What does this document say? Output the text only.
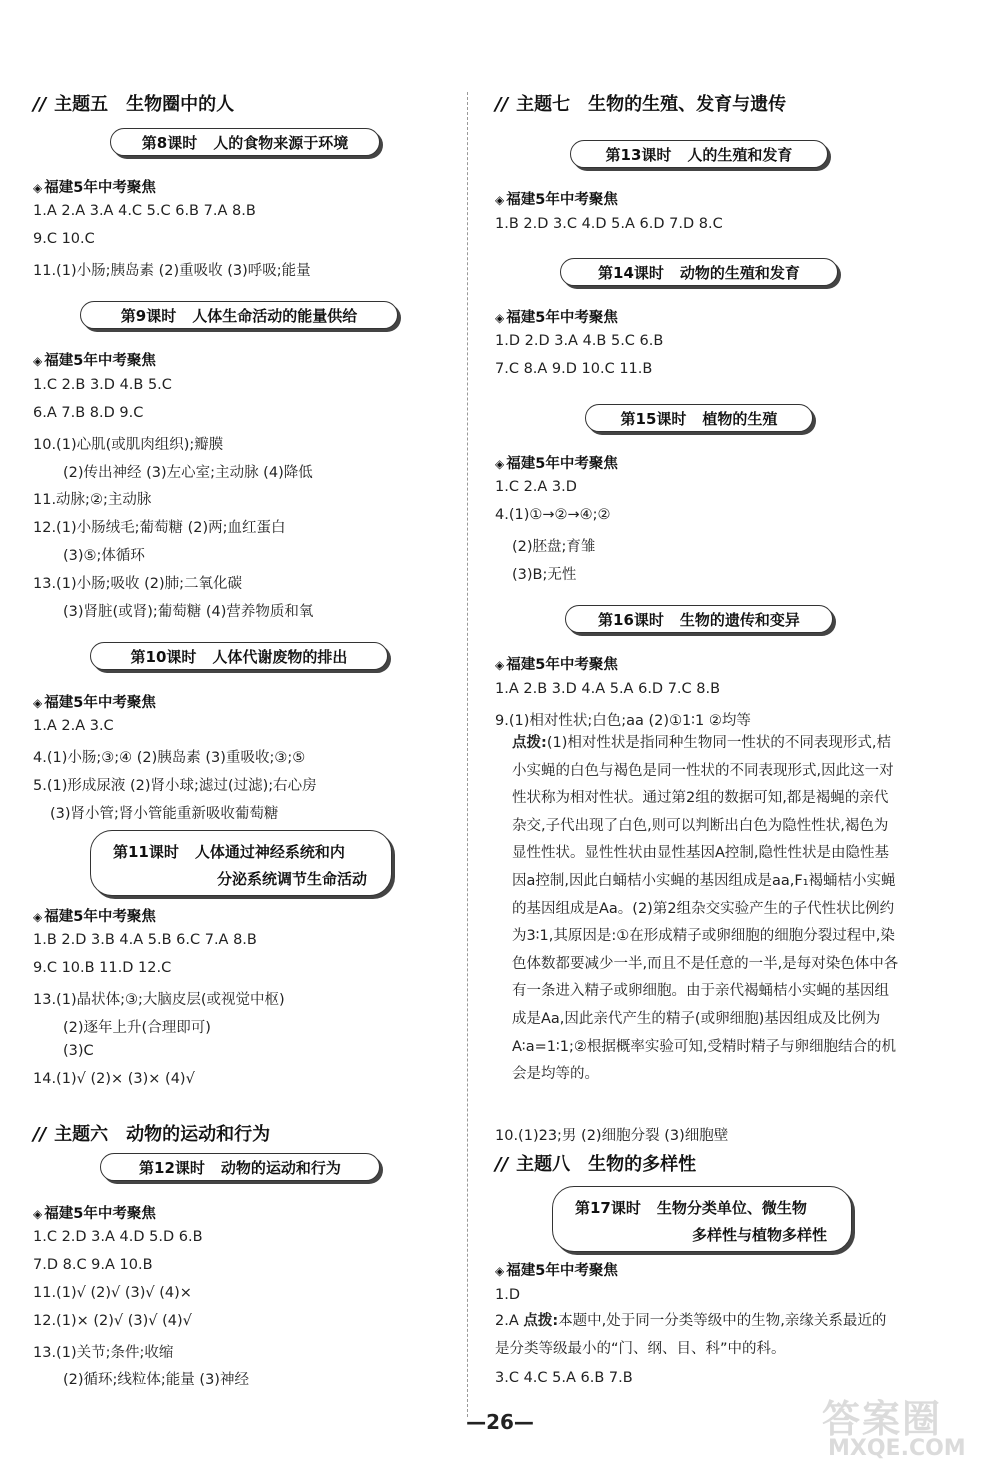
// 主题五 生物圈中的人
第8课时 人的食物来源于环境
◈ 福建5年中考聚焦
1.A 2.A 3.A 4.C 5.C 6.B 7.A 8.B
9.C 10.C
11.(1)小肠;胰岛素 (2)重吸收 (3)呼吸;能量
第9课时 人体生命活动的能量供给
◈ 福建5年中考聚焦
1.C 2.B 3.D 4.B 5.C
6.A 7.B 8.D 9.C
10.(1)心肌(或肌肉组织);瓣膜
(2)传出神经 (3)左心室;主动脉 (4)降低
11.动脉;②;主动脉
12.(1)小肠绒毛;葡萄糖 (2)两;血红蛋白
(3)⑤;体循环
13.(1)小肠;吸收 (2)肺;二氧化碳
(3)肾脏(或肾);葡萄糖 (4)营养物质和氧
第10课时 人体代谢废物的排出
◈ 福建5年中考聚焦
1.A 2.A 3.C
4.(1)小肠;③;④ (2)胰岛素 (3)重吸收;③;⑤
5.(1)形成尿液 (2)肾小球;滤过(过滤);右心房
(3)肾小管;肾小管能重新吸收葡萄糖
第11课时 人体通过神经系统和内
分泌系统调节生命活动
◈ 福建5年中考聚焦
1.B 2.D 3.B 4.A 5.B 6.C 7.A 8.B
9.C 10.B 11.D 12.C
13.(1)晶状体;③;大脑皮层(或视觉中枢)
(2)逐年上升(合理即可)
(3)C
14.(1)√ (2)× (3)× (4)√
// 主题六 动物的运动和行为
第12课时 动物的运动和行为
◈ 福建5年中考聚焦
1.C 2.D 3.A 4.D 5.D 6.B
7.D 8.C 9.A 10.B
11.(1)√ (2)√ (3)√ (4)×
12.(1)× (2)√ (3)√ (4)√
13.(1)关节;条件;收缩
(2)循环;线粒体;能量 (3)神经
// 主题七 生物的生殖、发育与遗传
第13课时 人的生殖和发育
◈ 福建5年中考聚焦
1.B 2.D 3.C 4.D 5.A 6.D 7.D 8.C
第14课时 动物的生殖和发育
◈ 福建5年中考聚焦
1.D 2.D 3.A 4.B 5.C 6.B
7.C 8.A 9.D 10.C 11.B
第15课时 植物的生殖
◈ 福建5年中考聚焦
1.C 2.A 3.D
4.(1)①→②→④;②
(2)胚盘;育雏
(3)B;无性
第16课时 生物的遗传和变异
◈ 福建5年中考聚焦
1.A 2.B 3.D 4.A 5.A 6.D 7.C 8.B
9.(1)相对性状;白色;aa (2)①1∶1 ②均等
点拨:(1)相对性状是指同种生物同一性状的不同表现形式,桔小实蝇的白色与褐色是同一性状的不同表现形式,因此这一对性状称为相对性状。通过第2组的数据可知,都是褐蝇的亲代杂交,子代出现了白色,则可以判断出白色为隐性性状,褐色为显性性状。显性性状由显性基因A控制,隐性性状是由隐性基因a控制,因此白蛹桔小实蝇的基因组成是aa,F₁褐蛹桔小实蝇的基因组成是Aa。(2)第2组杂交实验产生的子代性状比例约为3∶1,其原因是:①在形成精子或卵细胞的细胞分裂过程中,染色体数都要减少一半,而且不是任意的一半,是每对染色体中各有一条进入精子或卵细胞。由于亲代褐蛹桔小实蝇的基因组成是Aa,因此亲代产生的精子(或卵细胞)基因组成及比例为A∶a=1∶1;②根据概率实验可知,受精时精子与卵细胞结合的机会是均等的。
10.(1)23;男 (2)细胞分裂 (3)细胞壁
// 主题八 生物的多样性
第17课时 生物分类单位、微生物
多样性与植物多样性
◈ 福建5年中考聚焦
1.D
2.A 点拨:本题中,处于同一分类等级中的生物,亲缘关系最近的是分类等级最小的“门、纲、目、科”中的科。
3.C 4.C 5.A 6.B 7.B
—26—	答案圈
MXQE.COM
